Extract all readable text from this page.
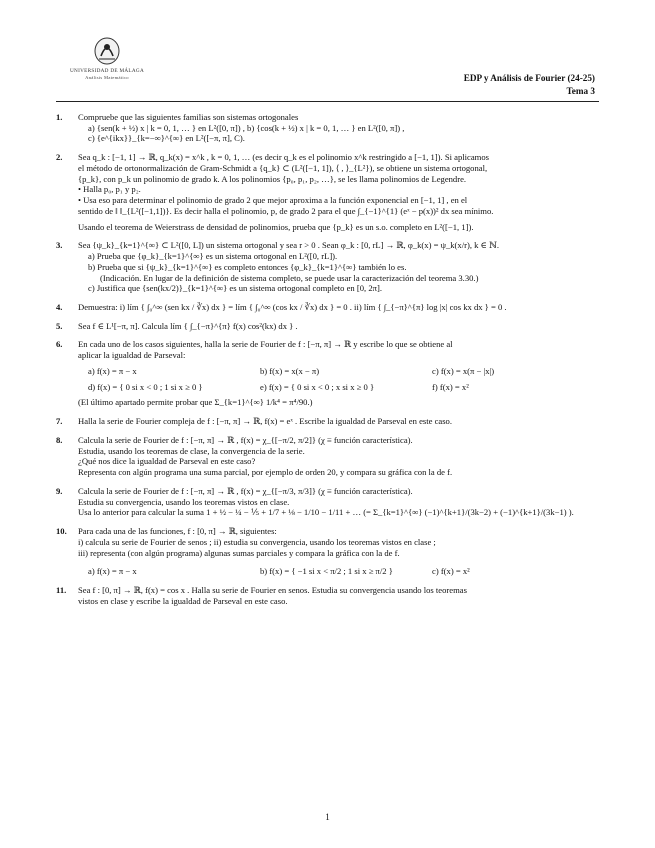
UNIVERSIDAD DE MÁLAGA
Análisis Matemático	EDP y Análisis de Fourier (24-25)
Tema 3
1. Compruebe que las siguientes familias son sistemas ortogonales
a) {sen(k + ½) x | k = 0, 1, … } en L²([0, π]) , b) {cos(k + ½) x | k = 0, 1, … } en L²([0, π]) ,
c) {e^{ikx}}_{k=−∞}^{∞} en L²([−π, π], C).
2. Sea q_k : [−1, 1] → ℝ, q_k(x) = x^k , k = 0, 1, … (es decir q_k es el polinomio x^k restringido a [−1, 1]). Si aplicamos
el método de ortonormalización de Gram-Schmidt a {q_k} ⊂ (L²([−1, 1]), ⟨ , ⟩_{L²}), se obtiene un sistema ortogonal,
{p_k}, con p_k un polinomio de grado k. A los polinomios {p₀, p₁, p₂, …}, se les llama polinomios de Legendre.
• Halla p₀, p₁ y p₂.
• Usa eso para determinar el polinomio de grado 2 que mejor aproxima a la función exponencial en [−1, 1] , en el
sentido de ‖ ‖_{L²([−1,1])}. Es decir halla el polinomio, p, de grado 2 para el que ∫_{−1}^{1} (eˣ − p(x))² dx sea mínimo.
Usando el teorema de Weierstrass de densidad de polinomios, prueba que {p_k} es un s.o. completo en L²([−1, 1]).
3. Sea {ψ_k}_{k=1}^{∞} ⊂ L²([0, L]) un sistema ortogonal y sea r > 0 . Sean φ_k : [0, rL] → ℝ, φ_k(x) = ψ_k(x/r), k ∈ ℕ.
a) Prueba que {φ_k}_{k=1}^{∞} es un sistema ortogonal en L²([0, rL]).
b) Prueba que si {ψ_k}_{k=1}^{∞} es completo entonces {φ_k}_{k=1}^{∞} también lo es.
(Indicación. En lugar de la definición de sistema completo, se puede usar la caracterización del teorema 3.30.)
c) Justifica que {sen(kx/2)}_{k=1}^{∞} es un sistema ortogonal completo en [0, 2π].
4. Demuestra: i) lím { ∫₀^∞ (sen kx / ∛x) dx } = lím { ∫₀^∞ (cos kx / ∛x) dx } = 0 . ii) lím { ∫_{−π}^{π} log |x| cos kx dx } = 0 .
5. Sea f ∈ L¹[−π, π]. Calcula lím { ∫_{−π}^{π} f(x) cos²(kx) dx } .
6. En cada uno de los casos siguientes, halla la serie de Fourier de f : [−π, π] → ℝ y escribe lo que se obtiene al
aplicar la igualdad de Parseval:
a) f(x) = π − x	b) f(x) = x(x − π)	c) f(x) = x(π − |x|)
d) f(x) = { 0 si x < 0 ; 1 si x ≥ 0 }	e) f(x) = { 0 si x < 0 ; x si x ≥ 0 }	f) f(x) = x²
(El último apartado permite probar que Σ_{k=1}^{∞} 1/k⁴ = π⁴/90.)
7. Halla la serie de Fourier compleja de f : [−π, π] → ℝ, f(x) = eˣ . Escribe la igualdad de Parseval en este caso.
8. Calcula la serie de Fourier de f : [−π, π] → ℝ , f(x) = χ_{[−π/2, π/2]} (χ ≡ función característica).
Estudia, usando los teoremas de clase, la convergencia de la serie.
¿Qué nos dice la igualdad de Parseval en este caso?
Representa con algún programa una suma parcial, por ejemplo de orden 20, y compara su gráfica con la de f.
9. Calcula la serie de Fourier de f : [−π, π] → ℝ , f(x) = χ_{[−π/3, π/3]} (χ ≡ función característica).
Estudia su convergencia, usando los teoremas vistos en clase.
Usa lo anterior para calcular la suma 1 + ½ − ¼ − ⅕ + 1/7 + ⅛ − 1/10 − 1/11 + … (= Σ_{k=1}^{∞} (−1)^{k+1}/(3k−2) + (−1)^{k+1}/(3k−1) ).
10. Para cada una de las funciones, f : [0, π] → ℝ, siguientes:
i) calcula su serie de Fourier de senos ; ii) estudia su convergencia, usando los teoremas vistos en clase ;
iii) representa (con algún programa) algunas sumas parciales y compara la gráfica con la de f.
a) f(x) = π − x	b) f(x) = { −1 si x < π/2 ; 1 si x ≥ π/2 }	c) f(x) = x²
11. Sea f : [0, π] → ℝ, f(x) = cos x . Halla su serie de Fourier en senos. Estudia su convergencia usando los teoremas
vistos en clase y escribe la igualdad de Parseval en este caso.
1
